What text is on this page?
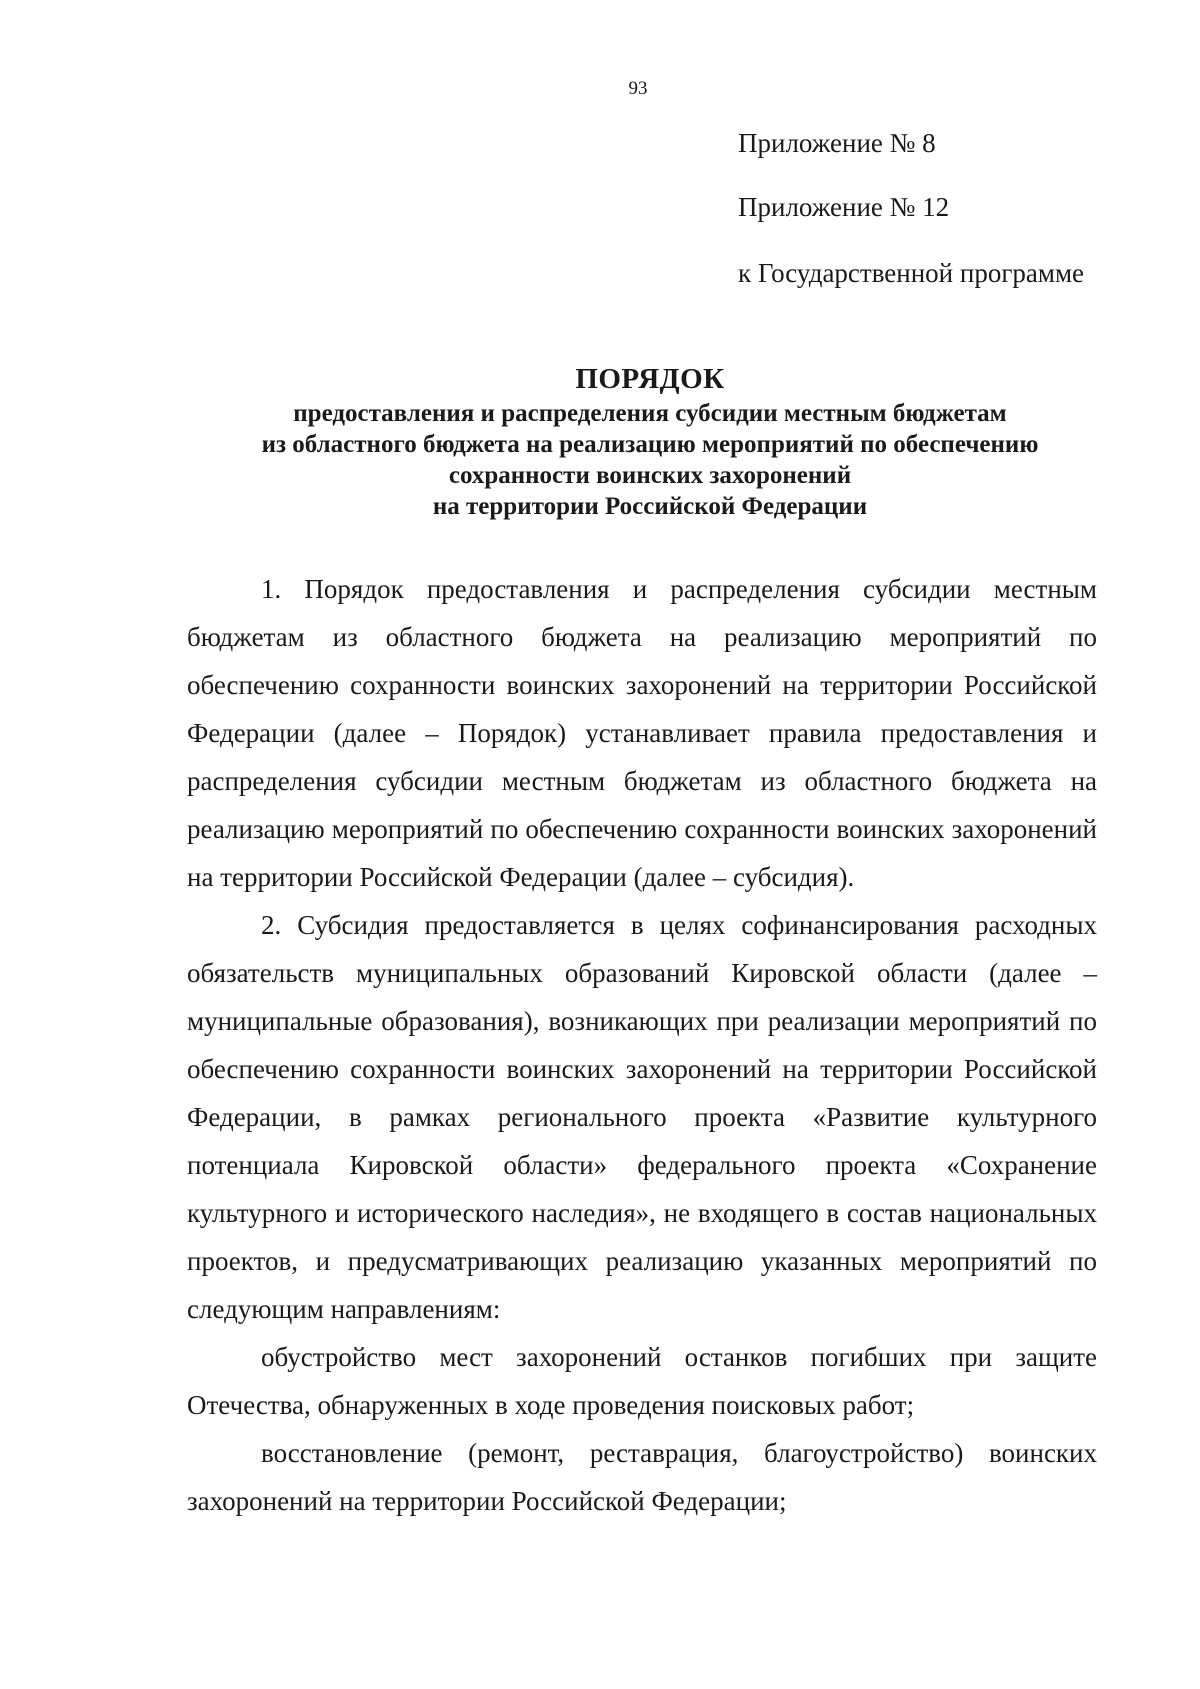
93
Приложение № 8
Приложение № 12
к Государственной программе
ПОРЯДОК
предоставления и распределения субсидии местным бюджетам
из областного бюджета на реализацию мероприятий по обеспечению
сохранности воинских захоронений
на территории Российской Федерации

1. Порядок предоставления и распределения субсидии местным бюджетам из областного бюджета на реализацию мероприятий по обеспечению сохранности воинских захоронений на территории Российской Федерации (далее – Порядок) устанавливает правила предоставления и распределения субсидии местным бюджетам из областного бюджета на реализацию мероприятий по обеспечению сохранности воинских захоронений на территории Российской Федерации (далее – субсидия).

2. Субсидия предоставляется в целях софинансирования расходных обязательств муниципальных образований Кировской области (далее – муниципальные образования), возникающих при реализации мероприятий по обеспечению сохранности воинских захоронений на территории Российской Федерации, в рамках регионального проекта «Развитие культурного потенциала Кировской области» федерального проекта «Сохранение культурного и исторического наследия», не входящего в состав национальных проектов, и предусматривающих реализацию указанных мероприятий по следующим направлениям:

обустройство мест захоронений останков погибших при защите Отечества, обнаруженных в ходе проведения поисковых работ;

восстановление (ремонт, реставрация, благоустройство) воинских захоронений на территории Российской Федерации;
